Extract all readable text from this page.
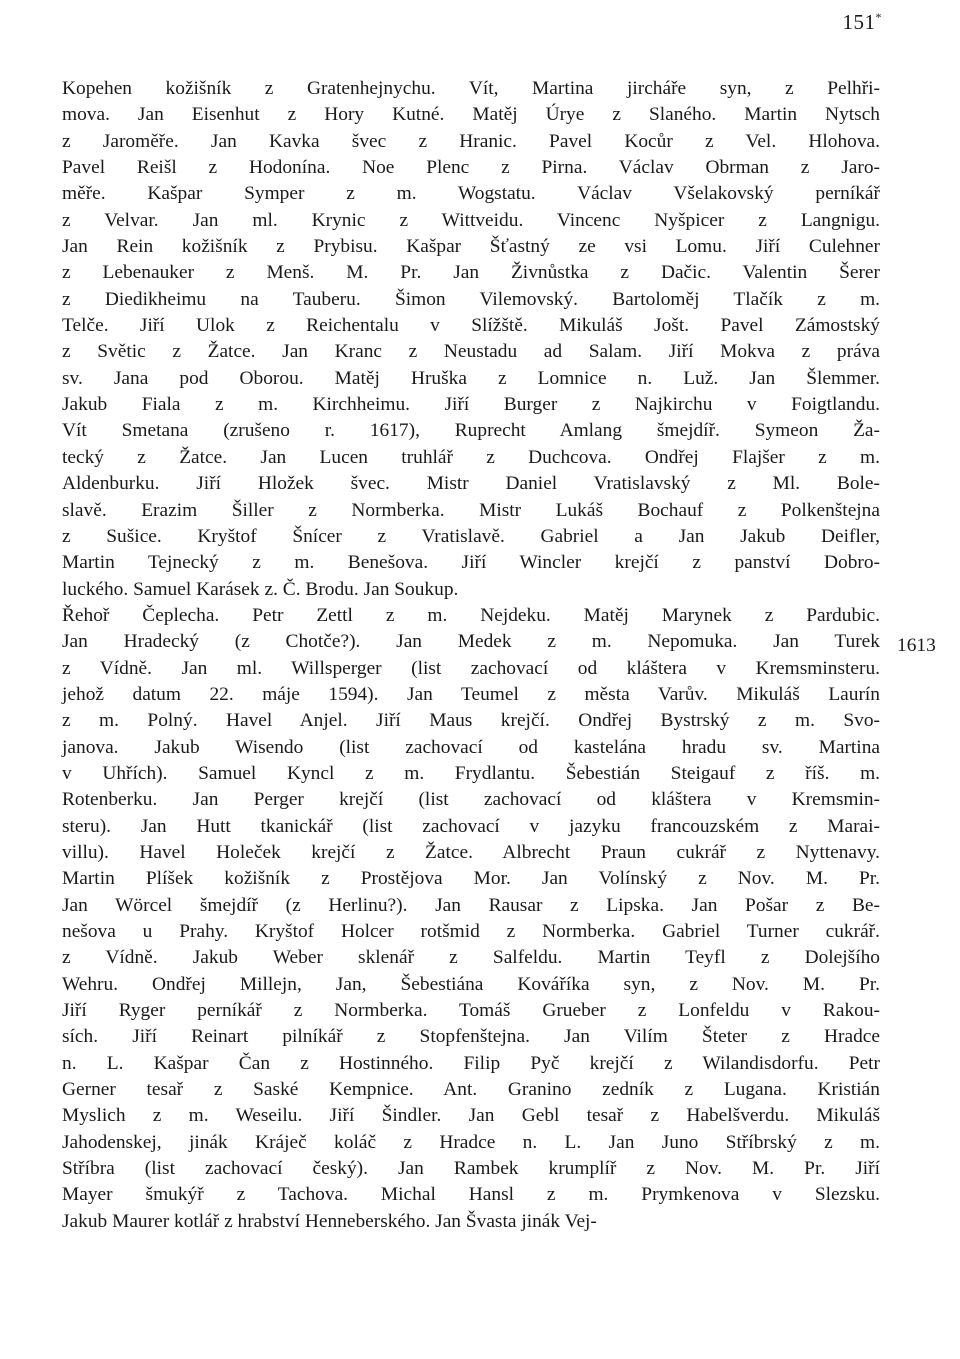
151*
Kopehen kožišník z Gratenhejnychu. Vít, Martina jircháře syn, z Pelhři-
mova. Jan Eisenhut z Hory Kutné. Matěj Úrye z Slaného. Martin Nytsch
z Jaroměře. Jan Kavka švec z Hranic. Pavel Kocůr z Vel. Hlohova.
Pavel Reišl z Hodonína. Noe Plenc z Pirna. Václav Obrman z Jaro-
měře. Kašpar Symper z m. Wogstatu. Václav Všelakovský perníkář
z Velvar. Jan ml. Krynic z Wittveidu. Vincenc Nyšpicer z Langnigu.
Jan Rein kožišník z Prybisu. Kašpar Šťastný ze vsi Lomu. Jiří Culehner
z Lebenauker z Menš. M. Pr. Jan Živnůstka z Dačic. Valentin Šerer
z Diedikheimu na Tauberu. Šimon Vilemovský. Bartoloměj Tlačík z m.
Telče. Jiří Ulok z Reichentalu v Slížště. Mikuláš Jošt. Pavel Zámostský
z Světic z Žatce. Jan Kranc z Neustadu ad Salam. Jiří Mokva z práva
sv. Jana pod Oborou. Matěj Hruška z Lomnice n. Luž. Jan Šlemmer.
Jakub Fiala z m. Kirchheimu. Jiří Burger z Najkirchu v Foigtlandu.
Vít Smetana (zrušeno r. 1617), Ruprecht Amlang šmejdíř. Symeon Ža-
tecký z Žatce. Jan Lucen truhlář z Duchcova. Ondřej Flajšer z m.
Aldenburku. Jiří Hložek švec. Mistr Daniel Vratislavský z Ml. Bole-
slavě. Erazim Šiller z Normberka. Mistr Lukáš Bochauf z Polkenštejna
z Sušice. Kryštof Šnícer z Vratislavě. Gabriel a Jan Jakub Deifler,
Martin Tejnecký z m. Benešova. Jiří Wincler krejčí z panství Dobro-
luckého. Samuel Karásek z. Č. Brodu. Jan Soukup.
Řehoř Čeplecha. Petr Zettl z m. Nejdeku. Matěj Marynek z Pardubic.
Jan Hradecký (z Chotče?). Jan Medek z m. Nepomuka. Jan Turek
z Vídně. Jan ml. Willsperger (list zachovací od kláštera v Kremsminsteru.
jehož datum 22. máje 1594). Jan Teumel z města Varův. Mikuláš Laurín
z m. Polný. Havel Anjel. Jiří Maus krejčí. Ondřej Bystrský z m. Svo-
janova. Jakub Wisendo (list zachovací od kastelána hradu sv. Martina
v Uhřích). Samuel Kyncl z m. Frydlantu. Šebestián Steigauf z říš. m.
Rotenberku. Jan Perger krejčí (list zachovací od kláštera v Kremsmin-
steru). Jan Hutt tkanickář (list zachovací v jazyku francouzském z Marai-
villu). Havel Holeček krejčí z Žatce. Albrecht Praun cukrář z Nyttenavy.
Martin Plíšek kožišník z Prostějova Mor. Jan Volínský z Nov. M. Pr.
Jan Wörcel šmejdíř (z Herlinu?). Jan Rausar z Lipska. Jan Pošar z Be-
nešova u Prahy. Kryštof Holcer rotšmid z Normberka. Gabriel Turner cukrář.
z Vídně. Jakub Weber sklenář z Salfeldu. Martin Teyfl z Dolejšího
Wehru. Ondřej Millejn, Jan, Šebestiána Kováříka syn, z Nov. M. Pr.
Jiří Ryger perníkář z Normberka. Tomáš Grueber z Lonfeldu v Rakou-
sích. Jiří Reinart pilníkář z Stopfenštejna. Jan Vilím Šteter z Hradce
n. L. Kašpar Čan z Hostinného. Filip Pyč krejčí z Wilandisdorfu. Petr
Gerner tesař z Saské Kempnice. Ant. Granino zedník z Lugana. Kristián
Myslich z m. Weseilu. Jiří Šindler. Jan Gebl tesař z Habelšverdu. Mikuláš
Jahodenskej, jinák Kráječ koláč z Hradce n. L. Jan Juno Stříbrský z m.
Stříbra (list zachovací český). Jan Rambek krumplíř z Nov. M. Pr. Jiří
Mayer šmukýř z Tachova. Michal Hansl z m. Prymkenova v Slezsku.
Jakub Maurer kotlář z hrabství Henneberského. Jan Švasta jinák Vej-
1613
